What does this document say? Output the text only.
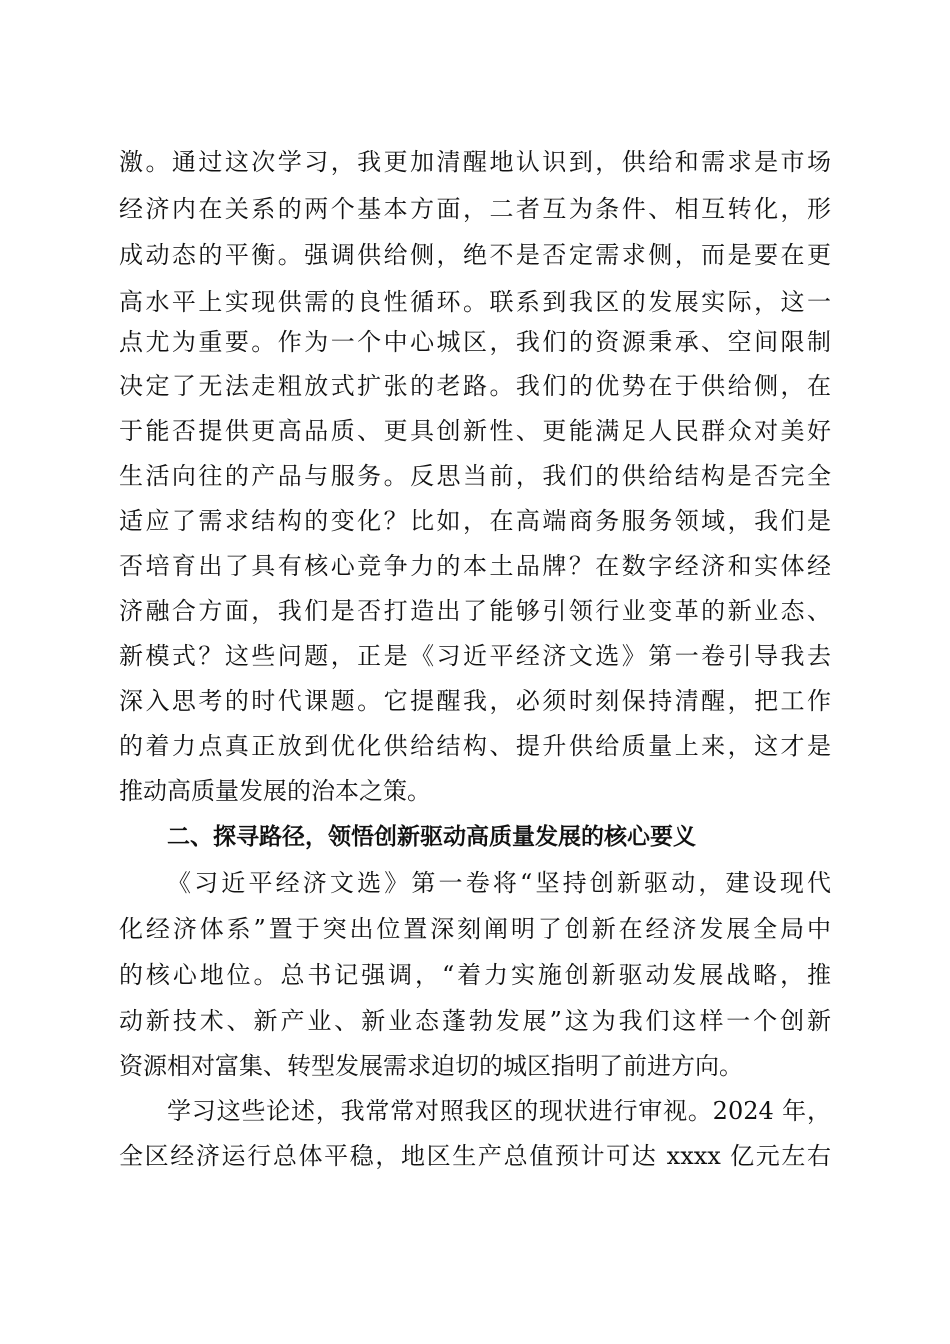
激。通过这次学习，我更加清醒地认识到，供给和需求是市场
经济内在关系的两个基本方面，二者互为条件、相互转化，形
成动态的平衡。强调供给侧，绝不是否定需求侧，而是要在更
高水平上实现供需的良性循环。联系到我区的发展实际，这一
点尤为重要。作为一个中心城区，我们的资源秉承、空间限制
决定了无法走粗放式扩张的老路。我们的优势在于供给侧，在
于能否提供更高品质、更具创新性、更能满足人民群众对美好
生活向往的产品与服务。反思当前，我们的供给结构是否完全
适应了需求结构的变化？比如，在高端商务服务领域，我们是
否培育出了具有核心竞争力的本土品牌？在数字经济和实体经
济融合方面，我们是否打造出了能够引领行业变革的新业态、
新模式？这些问题，正是《习近平经济文选》第一卷引导我去
深入思考的时代课题。它提醒我，必须时刻保持清醒，把工作
的着力点真正放到优化供给结构、提升供给质量上来，这才是
推动高质量发展的治本之策。
二、探寻路径，领悟创新驱动高质量发展的核心要义
《习近平经济文选》第一卷将“坚持创新驱动，建设现代
化经济体系”置于突出位置深刻阐明了创新在经济发展全局中
的核心地位。总书记强调，“着力实施创新驱动发展战略，推
动新技术、新产业、新业态蓬勃发展”这为我们这样一个创新
资源相对富集、转型发展需求迫切的城区指明了前进方向。
学习这些论述，我常常对照我区的现状进行审视。2024 年，
全区经济运行总体平稳，地区生产总值预计可达 xxxx 亿元左右
